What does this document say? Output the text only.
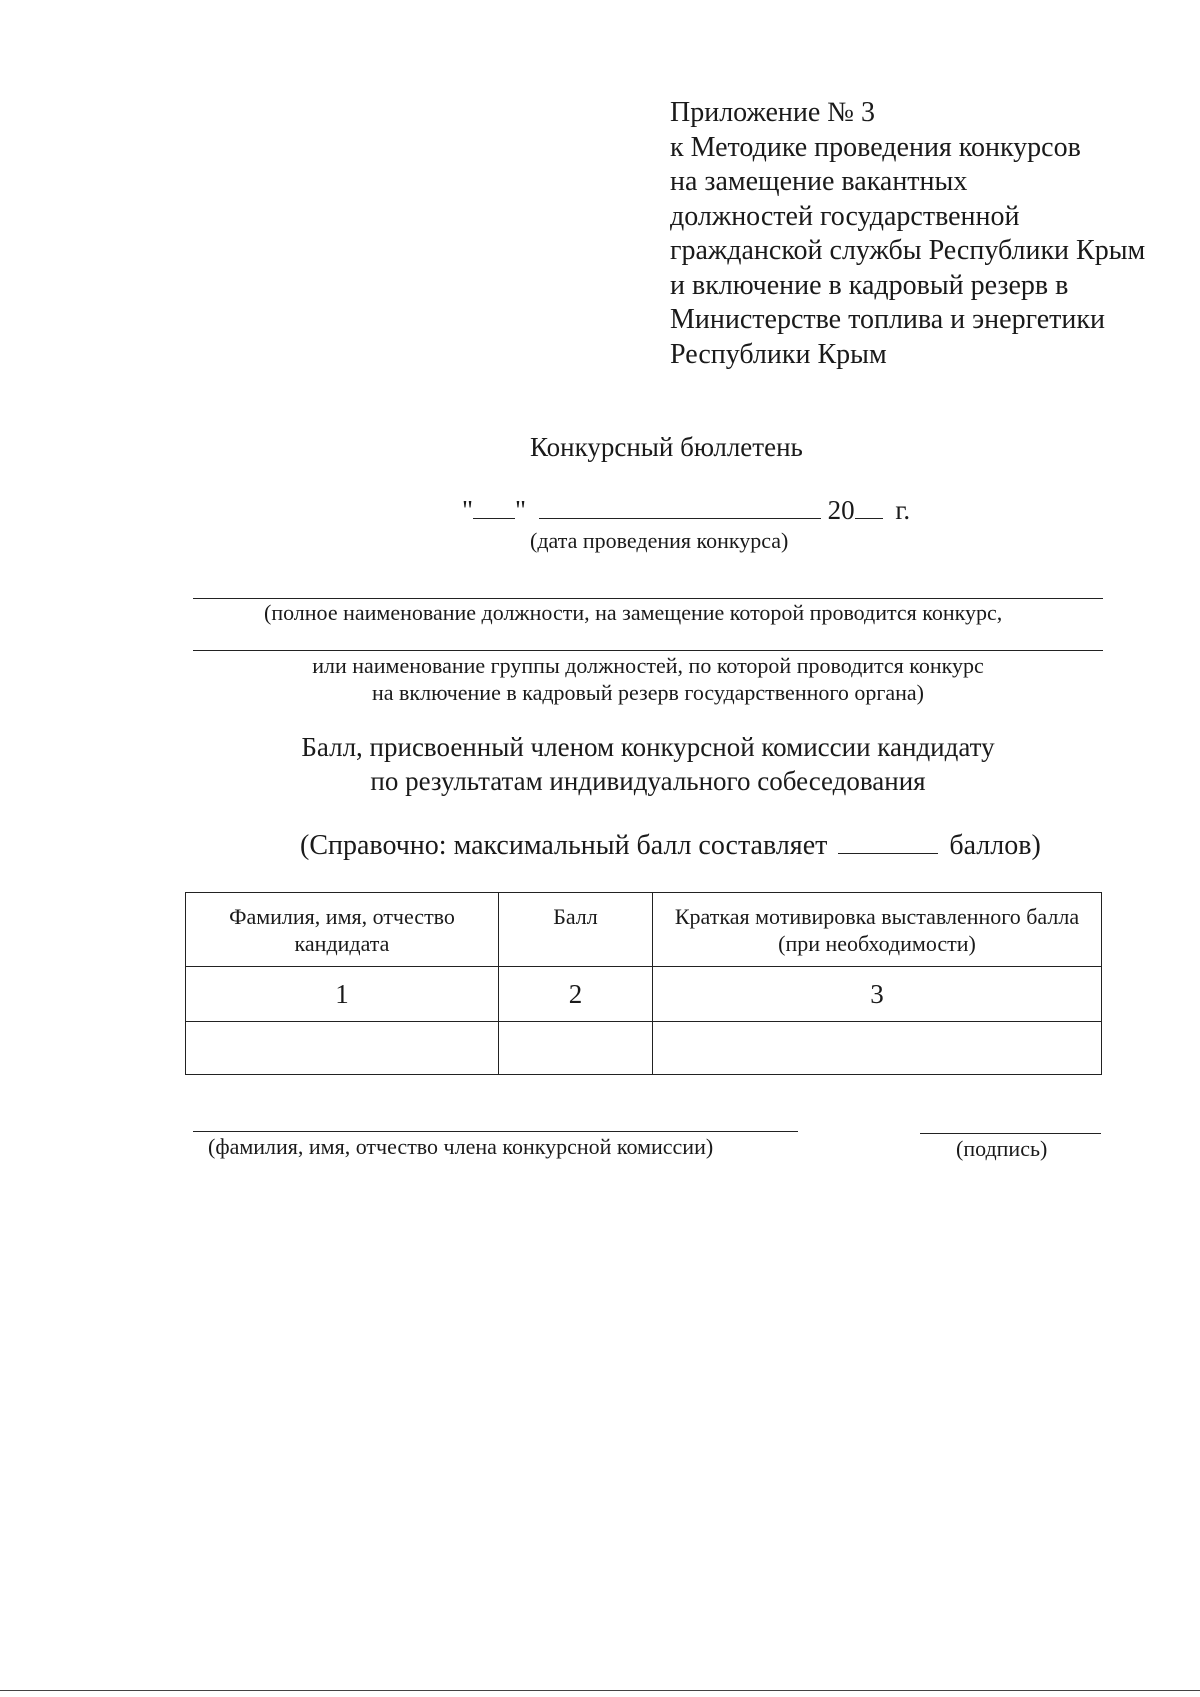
Приложение № 3
к Методике проведения конкурсов
на замещение вакантных
должностей государственной
гражданской службы Республики Крым
и включение в кадровый резерв в
Министерстве топлива и энергетики
Республики Крым
Конкурсный бюллетень
" "	20 г.
(дата проведения конкурса)
(полное наименование должности, на замещение которой проводится конкурс,
или наименование группы должностей, по которой проводится конкурс
на включение в кадровый резерв государственного органа)
Балл, присвоенный членом конкурсной комиссии кандидату
по результатам индивидуального собеседования
(Справочно: максимальный балл составляет	баллов)
Фамилия, имя, отчество кандидата	Балл	Краткая мотивировка выставленного балла (при необходимости)
1	2	3

(фамилия, имя, отчество члена конкурсной комиссии)	(подпись)
